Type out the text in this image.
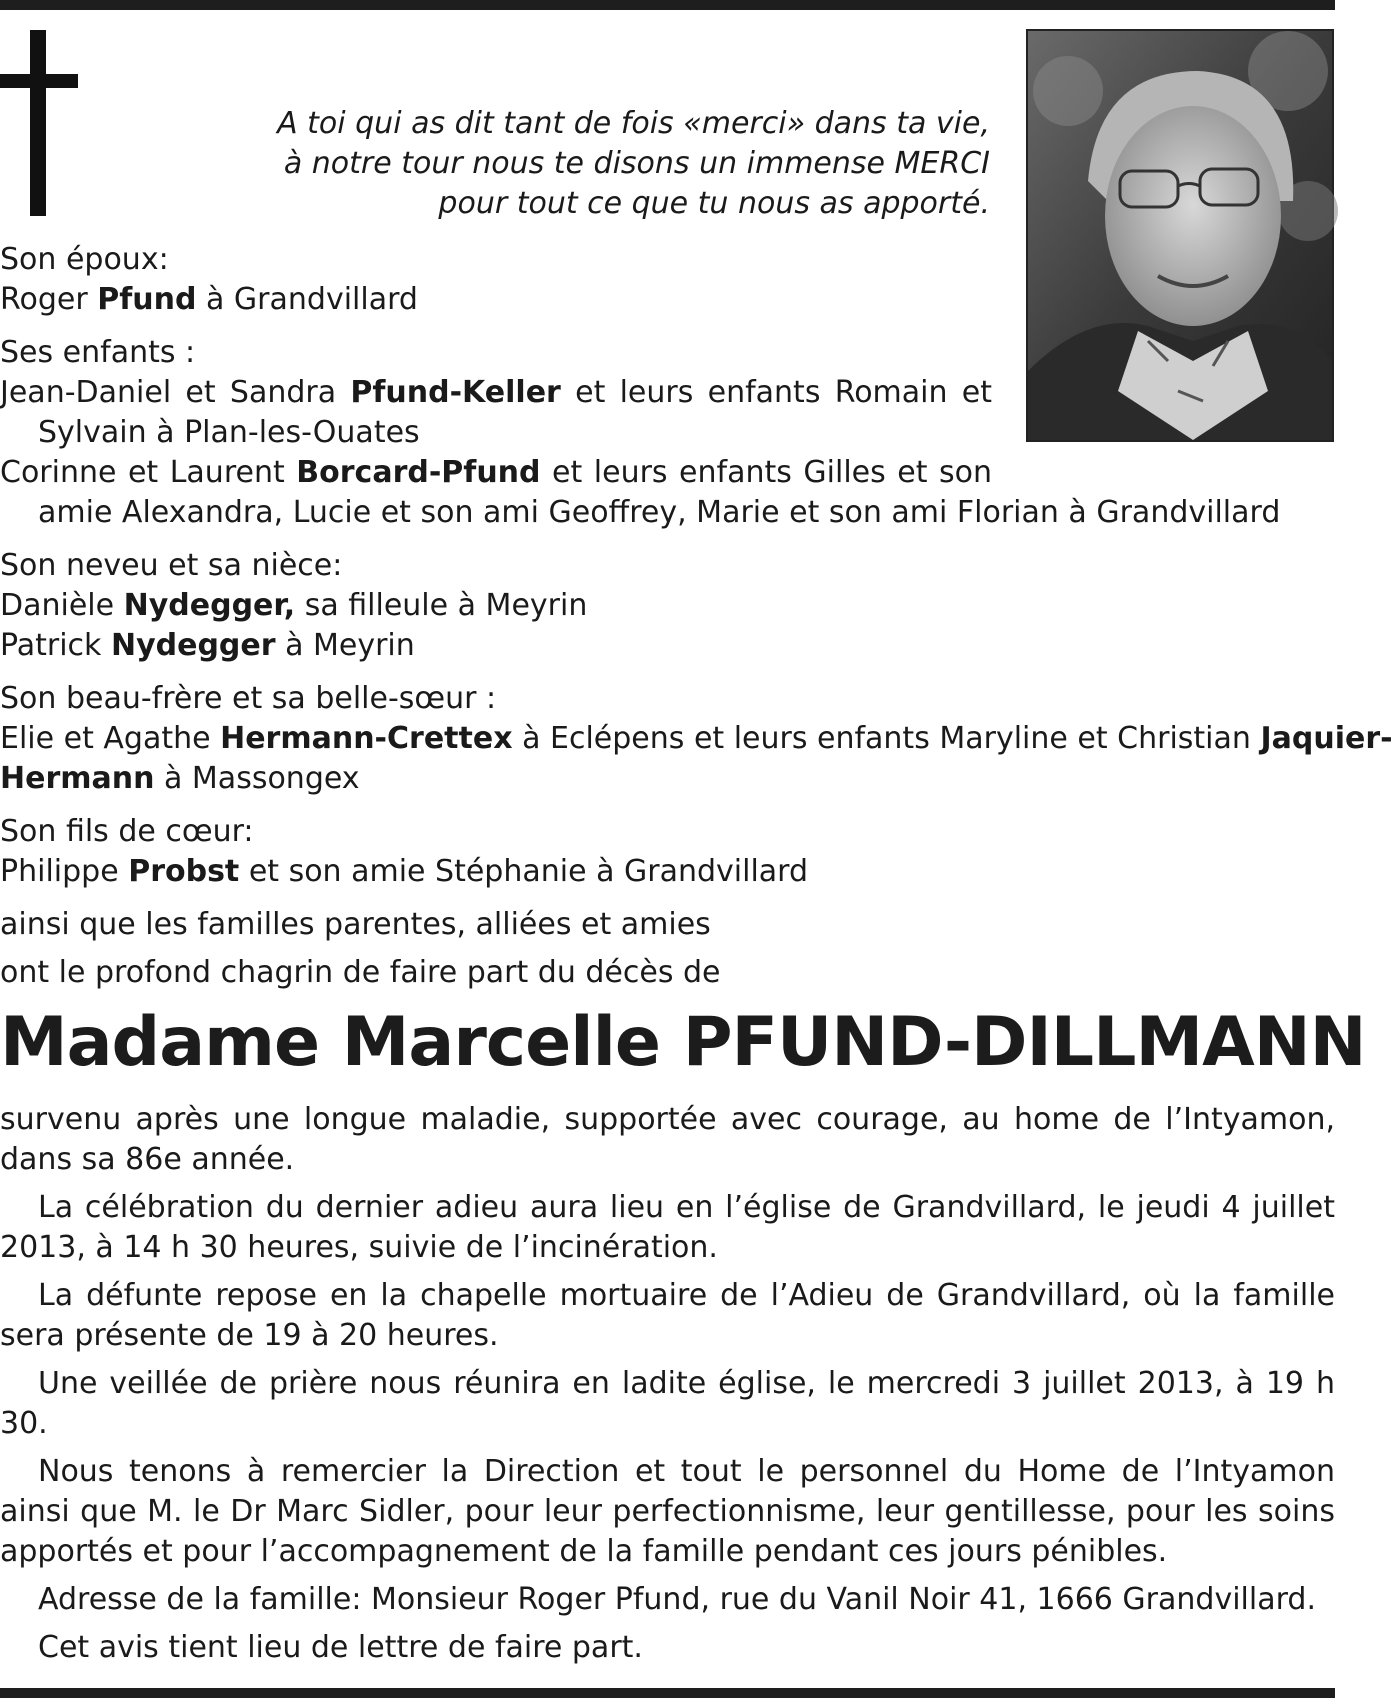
A toi qui as dit tant de fois «merci» dans ta vie,
à notre tour nous te disons un immense MERCI
pour tout ce que tu nous as apporté.
Son époux:
Roger Pfund à Grandvillard
Ses enfants :
Jean-Daniel et Sandra Pfund-Keller et leurs enfants Romain et
Sylvain à Plan-les-Ouates
Corinne et Laurent Borcard-Pfund et leurs enfants Gilles et son
amie Alexandra, Lucie et son ami Geoffrey, Marie et son ami Florian à Grandvillard
Son neveu et sa nièce:
Danièle Nydegger, sa filleule à Meyrin
Patrick Nydegger à Meyrin
Son beau-frère et sa belle-sœur :
Elie et Agathe Hermann-Crettex à Eclépens et leurs enfants Maryline et Christian Jaquier-
Hermann à Massongex
Son fils de cœur:
Philippe Probst et son amie Stéphanie à Grandvillard
ainsi que les familles parentes, alliées et amies
ont le profond chagrin de faire part du décès de
Madame Marcelle PFUND-DILLMANN

survenu après une longue maladie, supportée avec courage, au home de l’Intyamon, dans sa 86e année.

La célébration du dernier adieu aura lieu en l’église de Grandvillard, le jeudi 4 juillet 2013, à 14 h 30 heures, suivie de l’incinération.

La défunte repose en la chapelle mortuaire de l’Adieu de Grandvillard, où la famille sera présente de 19 à 20 heures.

Une veillée de prière nous réunira en ladite église, le mercredi 3 juillet 2013, à 19 h 30.

Nous tenons à remercier la Direction et tout le personnel du Home de l’Intyamon ainsi que M. le Dr Marc Sidler, pour leur perfectionnisme, leur gentillesse, pour les soins apportés et pour l’accompagnement de la famille pendant ces jours pénibles.

Adresse de la famille: Monsieur Roger Pfund, rue du Vanil Noir 41, 1666 Grandvillard.

Cet avis tient lieu de lettre de faire part.
